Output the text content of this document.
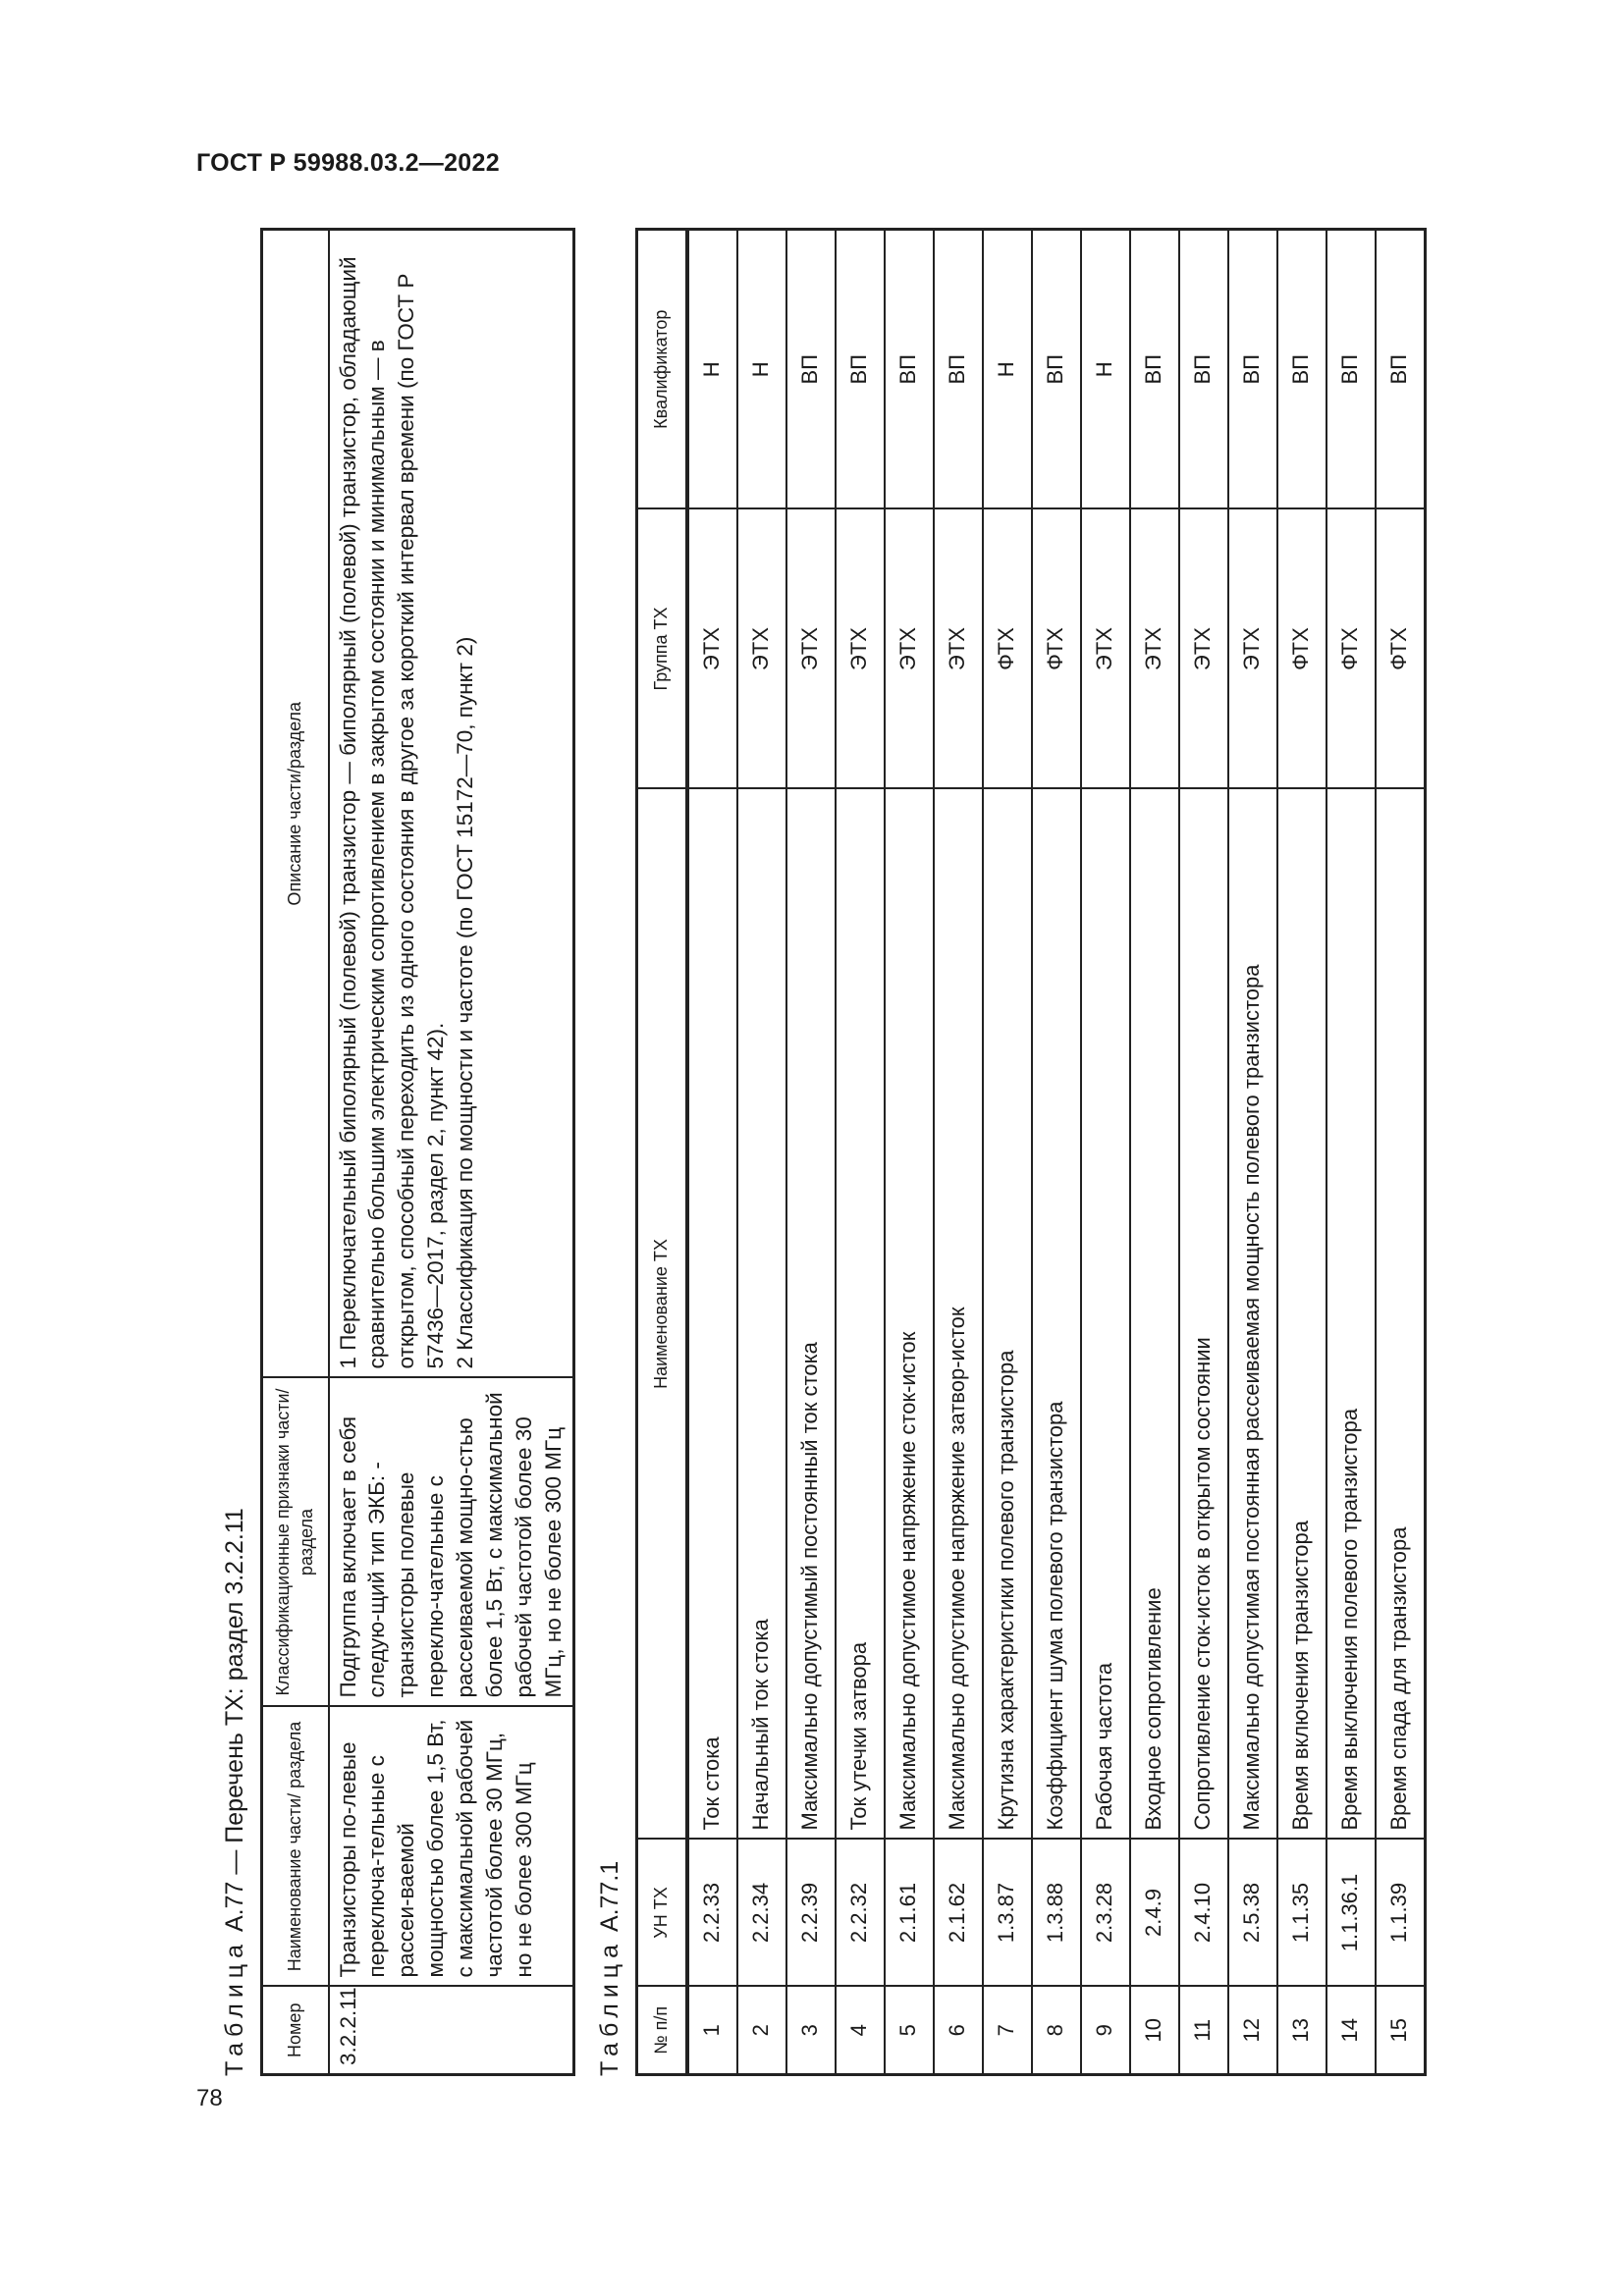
ГОСТ Р 59988.03.2—2022
78
Таблица А.77 — Перечень ТХ: раздел 3.2.2.11
Номер	Наименование части/ раздела	Классификационные признаки части/ раздела	Описание части/раздела
3.2.2.11	Транзисторы по-левые переключа-тельные с рассеи-ваемой мощностью более 1,5 Вт, с максимальной рабочей частотой более 30 МГц, но не более 300 МГц	Подгруппа включает в себя следую-щий тип ЭКБ: - транзисторы полевые переклю-чательные с рассеиваемой мощно-стью более 1,5 Вт, с максимальной рабочей частотой более 30 МГц, но не более 300 МГц	1 Переключательный биполярный (полевой) транзистор — биполярный (полевой) транзистор, обладающий сравнительно большим электрическим сопротивлением в закрытом состоянии и минимальным — в открытом, способный переходить из одного состояния в другое за короткий интервал времени (по ГОСТ Р 57436—2017, раздел 2, пункт 42). 2 Классификация по мощности и частоте (по ГОСТ 15172—70, пункт 2)
Таблица А.77.1
№ п/п	УН ТХ	Наименование ТХ	Группа ТХ	Квалификатор
1	2.2.33	Ток стока	ЭТХ	Н
2	2.2.34	Начальный ток стока	ЭТХ	Н
3	2.2.39	Максимально допустимый постоянный ток стока	ЭТХ	ВП
4	2.2.32	Ток утечки затвора	ЭТХ	ВП
5	2.1.61	Максимально допустимое напряжение сток-исток	ЭТХ	ВП
6	2.1.62	Максимально допустимое напряжение затвор-исток	ЭТХ	ВП
7	1.3.87	Крутизна характеристики полевого транзистора	ФТХ	Н
8	1.3.88	Коэффициент шума полевого транзистора	ФТХ	ВП
9	2.3.28	Рабочая частота	ЭТХ	Н
10	2.4.9	Входное сопротивление	ЭТХ	ВП
11	2.4.10	Сопротивление сток-исток в открытом состоянии	ЭТХ	ВП
12	2.5.38	Максимально допустимая постоянная рассеиваемая мощность полевого транзистора	ЭТХ	ВП
13	1.1.35	Время включения транзистора	ФТХ	ВП
14	1.1.36.1	Время выключения полевого транзистора	ФТХ	ВП
15	1.1.39	Время спада для транзистора	ФТХ	ВП
